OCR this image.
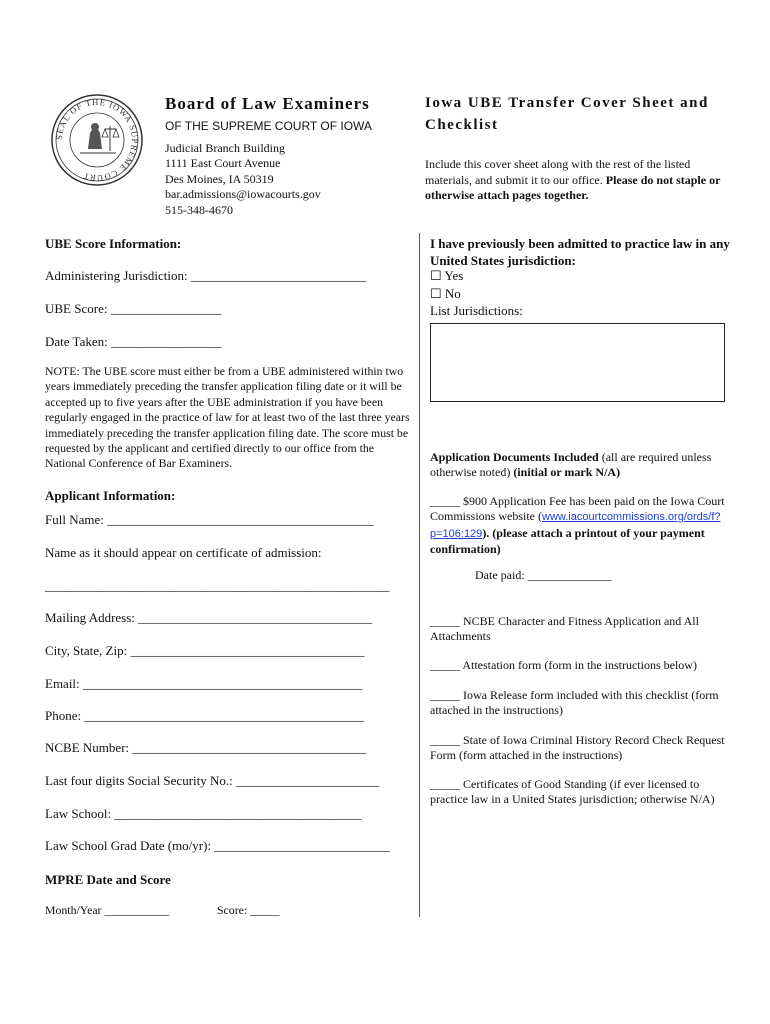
SEAL OF THE IOWA SUPREME COURT
Board of Law Examiners
OF THE SUPREME COURT OF IOWA
Judicial Branch Building
1111 East Court Avenue
Des Moines, IA 50319
bar.admissions@iowacourts.gov
515-348-4670
Iowa UBE Transfer Cover Sheet and Checklist
Include this cover sheet along with the rest of the listed materials, and submit it to our office. Please do not staple or otherwise attach pages together.
UBE Score Information:
Administering Jurisdiction: ___________________________
UBE Score: _________________
Date Taken: _________________
NOTE: The UBE score must either be from a UBE administered within two years immediately preceding the transfer application filing date or it will be accepted up to five years after the UBE administration if you have been regularly engaged in the practice of law for at least two of the last three years immediately preceding the transfer application filing date. The score must be requested by the applicant and certified directly to our office from the National Conference of Bar Examiners.
Applicant Information:
Full Name: _________________________________________
Name as it should appear on certificate of admission:
_____________________________________________________
Mailing Address: ____________________________________
City, State, Zip: ____________________________________
Email: ___________________________________________
Phone: ___________________________________________
NCBE Number: ____________________________________
Last four digits Social Security No.: ______________________
Law School: ______________________________________
Law School Grad Date (mo/yr): ___________________________
MPRE Date and Score
Month/Year ___________	Score: _____
I have previously been admitted to practice law in any United States jurisdiction:
☐ Yes
☐ No
List Jurisdictions:
Application Documents Included (all are required unless otherwise noted) (initial or mark N/A)
_____ $900 Application Fee has been paid on the Iowa Court Commissions website (www.iacourtcommissions.org/ords/f?p=106:129). (please attach a printout of your payment confirmation)
Date paid: ______________
_____ NCBE Character and Fitness Application and All Attachments
_____ Attestation form (form in the instructions below)
_____ Iowa Release form included with this checklist (form attached in the instructions)
_____ State of Iowa Criminal History Record Check Request Form (form attached in the instructions)
_____ Certificates of Good Standing (if ever licensed to practice law in a United States jurisdiction; otherwise N/A)
